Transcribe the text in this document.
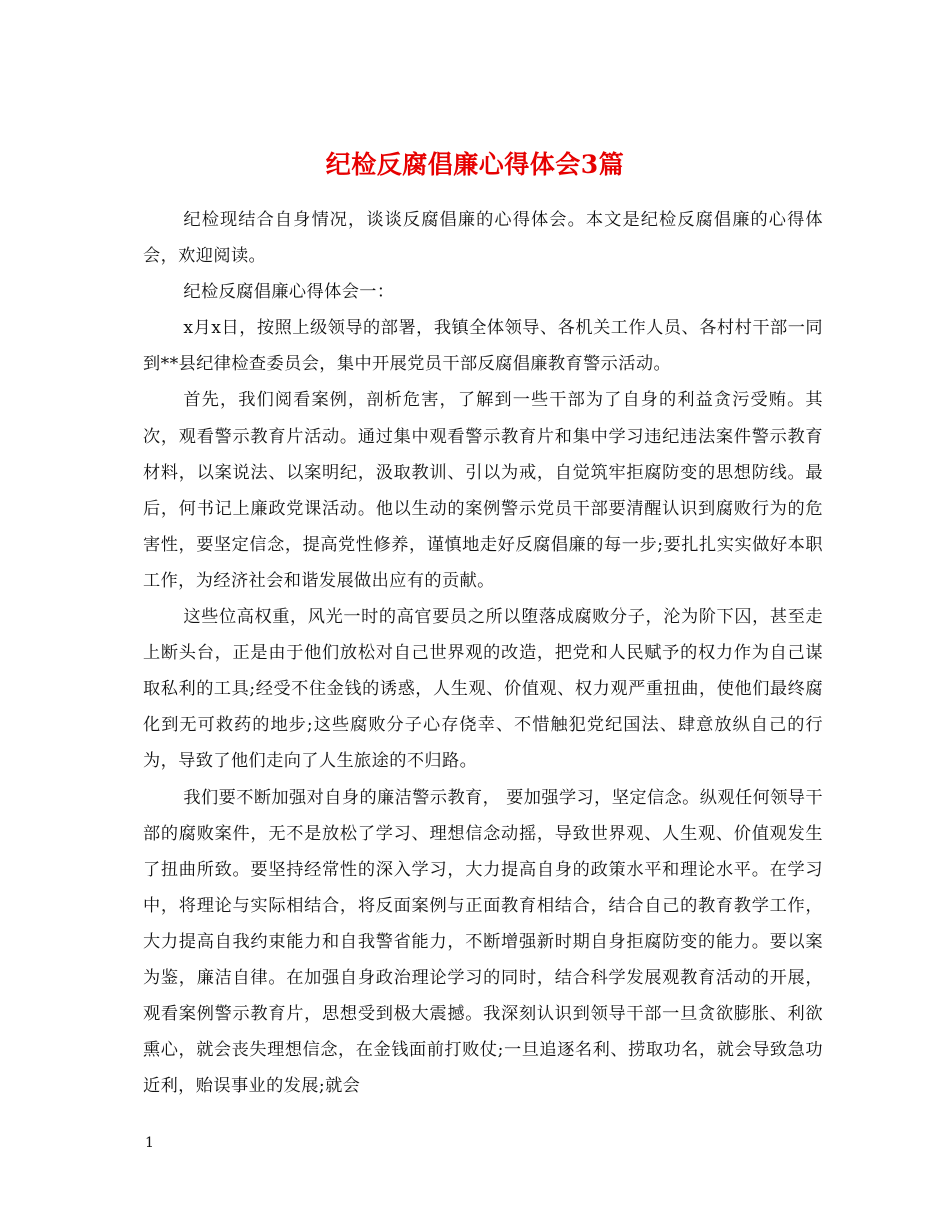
纪检反腐倡廉心得体会3篇

纪检现结合自身情况，谈谈反腐倡廉的心得体会。本文是纪检反腐倡廉的心得体会，欢迎阅读。

纪检反腐倡廉心得体会一：

x月x日，按照上级领导的部署，我镇全体领导、各机关工作人员、各村村干部一同到**县纪律检查委员会，集中开展党员干部反腐倡廉教育警示活动。

首先，我们阅看案例，剖析危害，了解到一些干部为了自身的利益贪污受贿。其次，观看警示教育片活动。通过集中观看警示教育片和集中学习违纪违法案件警示教育材料，以案说法、以案明纪，汲取教训、引以为戒，自觉筑牢拒腐防变的思想防线。最后，何书记上廉政党课活动。他以生动的案例警示党员干部要清醒认识到腐败行为的危害性，要坚定信念，提高党性修养，谨慎地走好反腐倡廉的每一步;要扎扎实实做好本职工作，为经济社会和谐发展做出应有的贡献。

这些位高权重，风光一时的高官要员之所以堕落成腐败分子，沦为阶下囚，甚至走上断头台，正是由于他们放松对自己世界观的改造，把党和人民赋予的权力作为自己谋取私利的工具;经受不住金钱的诱惑，人生观、价值观、权力观严重扭曲，使他们最终腐化到无可救药的地步;这些腐败分子心存侥幸、不惜触犯党纪国法、肆意放纵自己的行为，导致了他们走向了人生旅途的不归路。

我们要不断加强对自身的廉洁警示教育， 要加强学习，坚定信念。纵观任何领导干部的腐败案件，无不是放松了学习、理想信念动摇，导致世界观、人生观、价值观发生了扭曲所致。要坚持经常性的深入学习，大力提高自身的政策水平和理论水平。在学习中，将理论与实际相结合，将反面案例与正面教育相结合，结合自己的教育教学工作，大力提高自我约束能力和自我警省能力，不断增强新时期自身拒腐防变的能力。要以案为鉴，廉洁自律。在加强自身政治理论学习的同时，结合科学发展观教育活动的开展，观看案例警示教育片，思想受到极大震撼。我深刻认识到领导干部一旦贪欲膨胀、利欲熏心，就会丧失理想信念，在金钱面前打败仗;一旦追逐名利、捞取功名，就会导致急功近利，贻误事业的发展;就会

1
